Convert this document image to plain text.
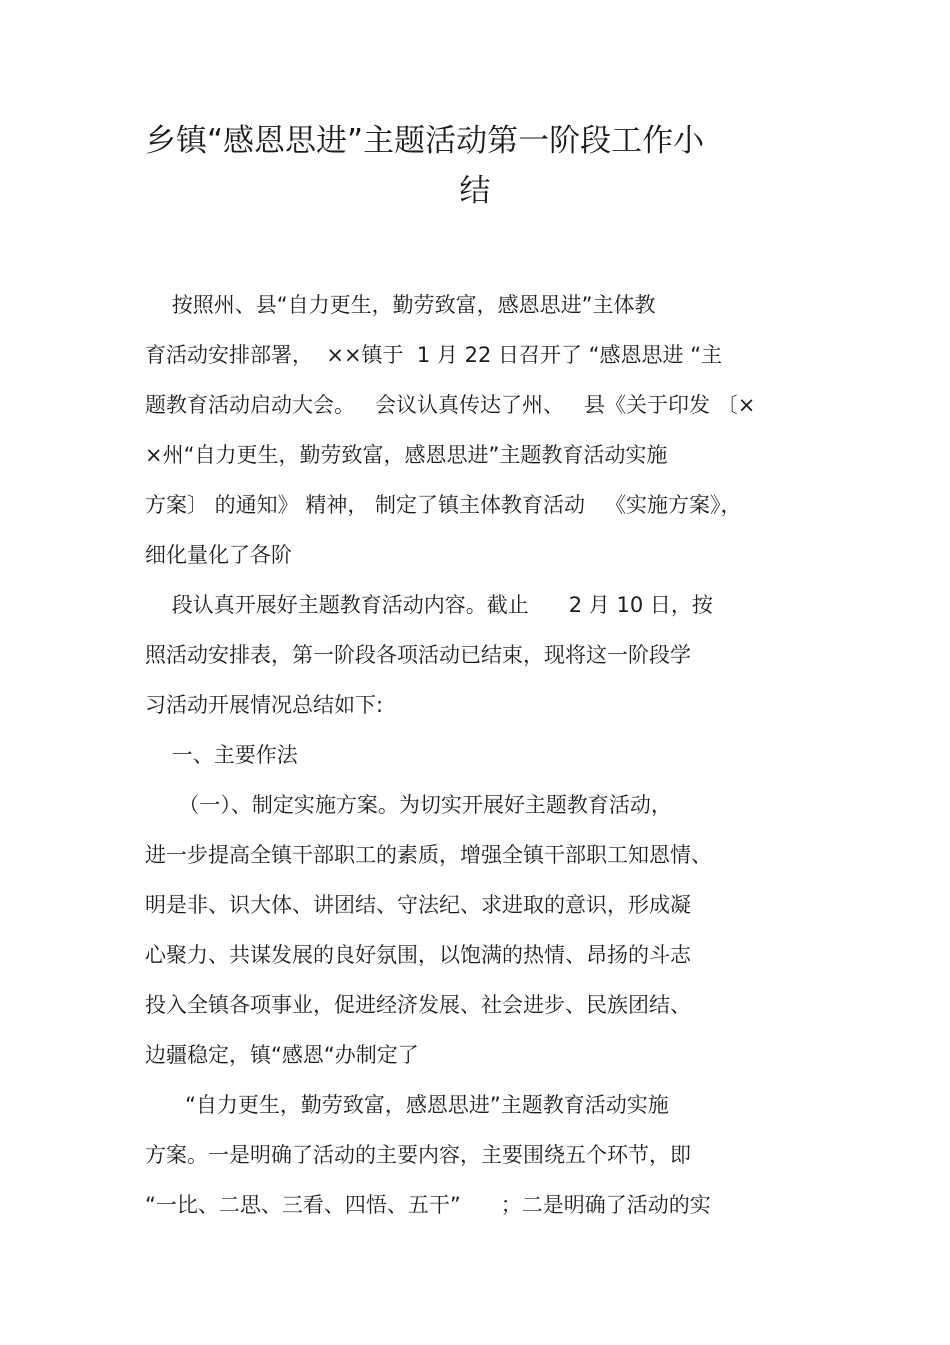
乡镇“感恩思进”主题活动第一阶段工作小
结
按照州、县“自力更生，勤劳致富，感恩思进”主体教
育活动安排部署，  ××镇于  1 月 22 日召开了 “感恩思进 “主
题教育活动启动大会。   会议认真传达了州、   县《关于印发 〔×
×州“自力更生，勤劳致富，感恩思进”主题教育活动实施
方案〕 的通知》 精神， 制定了镇主体教育活动   《实施方案》，
细化量化了各阶
段认真开展好主题教育活动内容。截止      2 月 10 日，按
照活动安排表，第一阶段各项活动已结束，现将这一阶段学
习活动开展情况总结如下:
一、主要作法
（一）、制定实施方案。为切实开展好主题教育活动，
进一步提高全镇干部职工的素质，增强全镇干部职工知恩情、
明是非、识大体、讲团结、守法纪、求进取的意识，形成凝
心聚力、共谋发展的良好氛围，以饱满的热情、昂扬的斗志
投入全镇各项事业，促进经济发展、社会进步、民族团结、
边疆稳定，镇“感恩“办制定了
“自力更生，勤劳致富，感恩思进”主题教育活动实施
方案。一是明确了活动的主要内容，主要围绕五个环节，即
“一比、二思、三看、四悟、五干”      ；二是明确了活动的实
